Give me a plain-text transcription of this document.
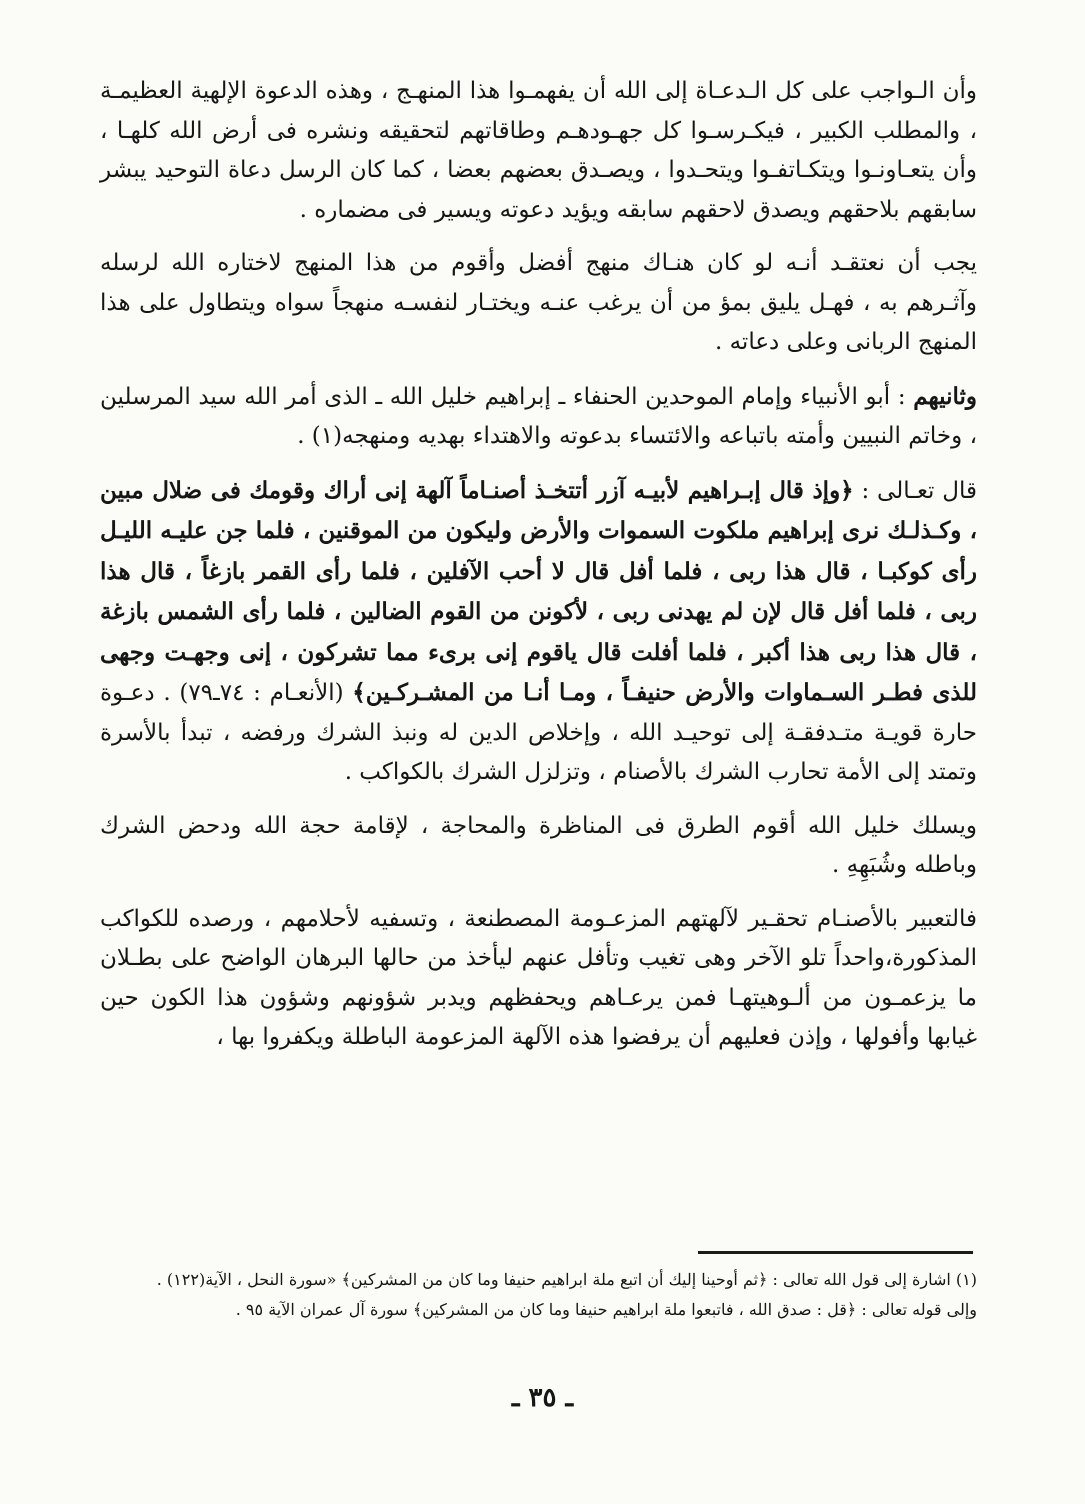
وأن الـواجب على كل الـدعـاة إلى الله أن يفهمـوا هذا المنهـج ، وهذه الدعوة الإلهية العظيمـة ، والمطلب الكبير ، فيكـرسـوا كل جهـودهـم وطاقاتهم لتحقيقه ونشره فى أرض الله كلهـا ، وأن يتعـاونـوا ويتكـاتفـوا ويتحـدوا ، ويصـدق بعضهم بعضا ، كما كان الرسل دعاة التوحيد يبشر سابقهم بلاحقهم ويصدق لاحقهم سابقه ويؤيد دعوته ويسير فى مضماره .

يجب أن نعتقـد أنـه لو كان هنـاك منهج أفضل وأقوم من هذا المنهج لاختاره الله لرسله وآثـرهم به ، فهـل يليق بمؤ من أن يرغب عنـه ويختـار لنفسـه منهجاً سواه ويتطاول على هذا المنهج الربانى وعلى دعاته .

وثانيهم : أبو الأنبياء وإمام الموحدين الحنفاء ـ إبراهيم خليل الله ـ الذى أمر الله سيد المرسلين ، وخاتم النبيين وأمته باتباعه والائتساء بدعوته والاهتداء بهديه ومنهجه(١) .

قال تعـالى : ﴿وإذ قال إبـراهيم لأبيـه آزر أتتخـذ أصنـاماً آلهة إنى أراك وقومك فى ضلال مبين ، وكـذلـك نرى إبراهيم ملكوت السموات والأرض وليكون من الموقنين ، فلما جن عليـه الليـل رأى كوكبـا ، قال هذا ربى ، فلما أفل قال لا أحب الآفلين ، فلما رأى القمر بازغاً ، قال هذا ربى ، فلما أفل قال لإن لم يهدنى ربى ، لأكونن من القوم الضالين ، فلما رأى الشمس بازغة ، قال هذا ربى هذا أكبر ، فلما أفلت قال ياقوم إنى برىء مما تشركون ، إنى وجهـت وجهى للذى فطـر السـماوات والأرض حنيفـاً ، ومـا أنـا من المشـركـين﴾ (الأنعـام : ٧٤ـ٧٩) . دعـوة حارة قويـة متـدفقـة إلى توحيـد الله ، وإخلاص الدين له ونبذ الشرك ورفضه ، تبدأ بالأسرة وتمتد إلى الأمة تحارب الشرك بالأصنام ، وتزلزل الشرك بالكواكب .

ويسلك خليل الله أقوم الطرق فى المناظرة والمحاجة ، لإقامة حجة الله ودحض الشرك وباطله وشُبَهِهِ .

فالتعبير بالأصنـام تحقـير لآلهتهم المزعـومة المصطنعة ، وتسفيه لأحلامهم ، ورصده للكواكب المذكورة،واحداً تلو الآخر وهى تغيب وتأفل عنهم ليأخذ من حالها البرهان الواضح على بطـلان ما يزعمـون من ألـوهيتهـا فمن يرعـاهم ويحفظهم ويدبر شؤونهم وشؤون هذا الكون حين غيابها وأفولها ، وإذن فعليهم أن يرفضوا هذه الآلهة المزعومة الباطلة ويكفروا بها ،

(١) اشارة إلى قول الله تعالى : ﴿ثم أوحينا إليك أن اتبع ملة ابراهيم حنيفا وما كان من المشركين﴾ «سورة النحل ، الآية(١٢٢) .

وإلى قوله تعالى : ﴿قل : صدق الله ، فاتبعوا ملة ابراهيم حنيفا وما كان من المشركين﴾ سورة آل عمران الآية ٩٥ .

ـ ٣٥ ـ
